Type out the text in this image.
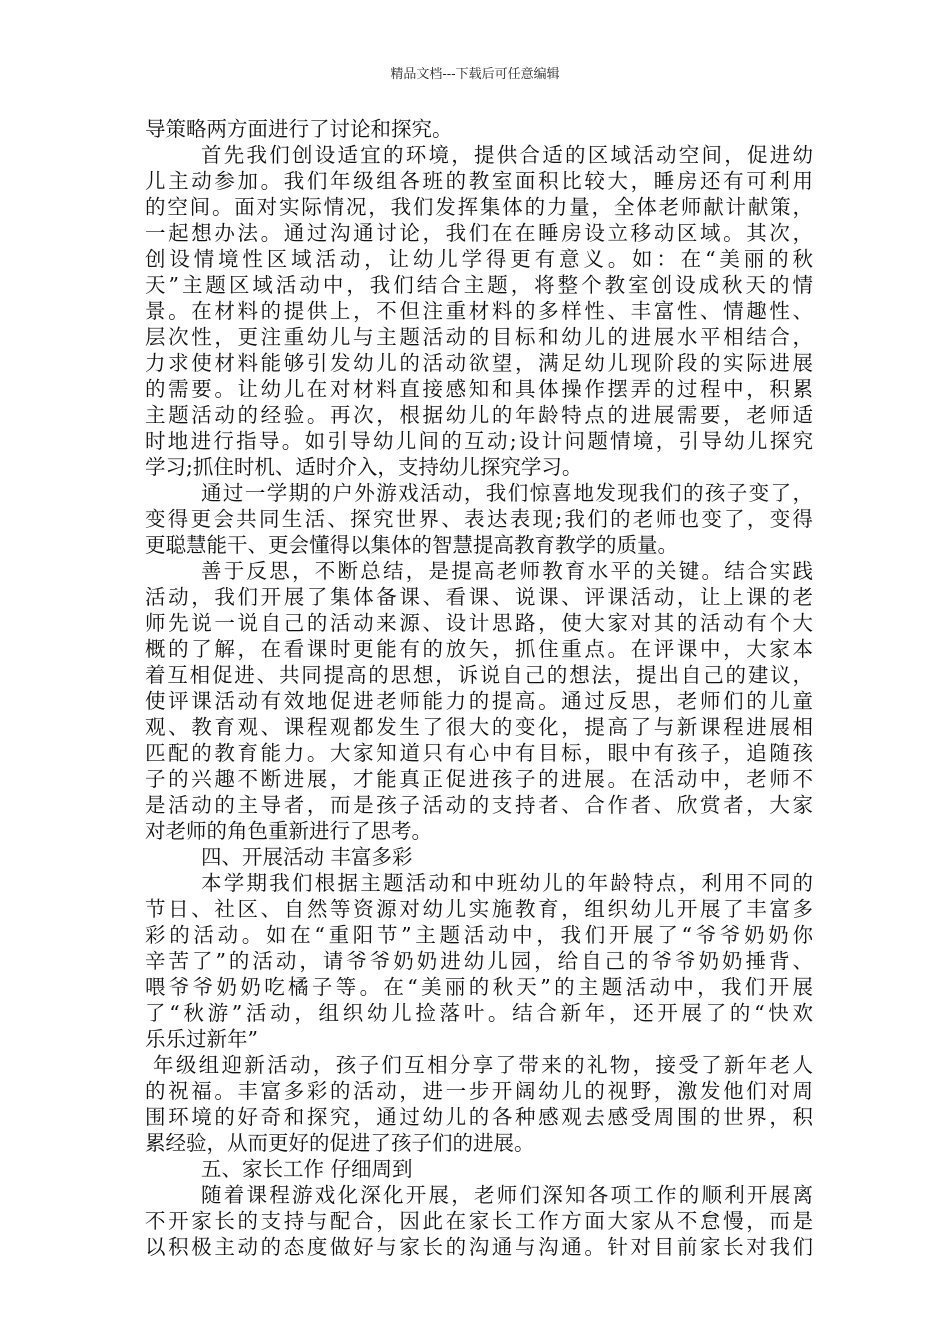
精品文档---下载后可任意编辑
导策略两方面进行了讨论和探究。
首先我们创设适宜的环境，提供合适的区域活动空间，促进幼
儿主动参加。我们年级组各班的教室面积比较大，睡房还有可利用
的空间。面对实际情况，我们发挥集体的力量，全体老师献计献策，
一起想办法。通过沟通讨论，我们在在睡房设立移动区域。其次，
创设情境性区域活动，让幼儿学得更有意义。如：在“美丽的秋
天”主题区域活动中，我们结合主题，将整个教室创设成秋天的情
景。在材料的提供上，不但注重材料的多样性、丰富性、情趣性、
层次性，更注重幼儿与主题活动的目标和幼儿的进展水平相结合，
力求使材料能够引发幼儿的活动欲望，满足幼儿现阶段的实际进展
的需要。让幼儿在对材料直接感知和具体操作摆弄的过程中，积累
主题活动的经验。再次，根据幼儿的年龄特点的进展需要，老师适
时地进行指导。如引导幼儿间的互动;设计问题情境，引导幼儿探究
学习;抓住时机、适时介入，支持幼儿探究学习。
通过一学期的户外游戏活动，我们惊喜地发现我们的孩子变了，
变得更会共同生活、探究世界、表达表现;我们的老师也变了，变得
更聪慧能干、更会懂得以集体的智慧提高教育教学的质量。
善于反思，不断总结，是提高老师教育水平的关键。结合实践
活动，我们开展了集体备课、看课、说课、评课活动，让上课的老
师先说一说自己的活动来源、设计思路，使大家对其的活动有个大
概的了解，在看课时更能有的放矢，抓住重点。在评课中，大家本
着互相促进、共同提高的思想，诉说自己的想法，提出自己的建议，
使评课活动有效地促进老师能力的提高。通过反思，老师们的儿童
观、教育观、课程观都发生了很大的变化，提高了与新课程进展相
匹配的教育能力。大家知道只有心中有目标，眼中有孩子，追随孩
子的兴趣不断进展，才能真正促进孩子的进展。在活动中，老师不
是活动的主导者，而是孩子活动的支持者、合作者、欣赏者，大家
对老师的角色重新进行了思考。
四、开展活动 丰富多彩
本学期我们根据主题活动和中班幼儿的年龄特点，利用不同的
节日、社区、自然等资源对幼儿实施教育，组织幼儿开展了丰富多
彩的活动。如在“重阳节”主题活动中，我们开展了“爷爷奶奶你
辛苦了”的活动，请爷爷奶奶进幼儿园，给自己的爷爷奶奶捶背、
喂爷爷奶奶吃橘子等。在“美丽的秋天”的主题活动中，我们开展
了“秋游”活动，组织幼儿捡落叶。结合新年，还开展了的“快欢
乐乐过新年”
年级组迎新活动，孩子们互相分享了带来的礼物，接受了新年老人
的祝福。丰富多彩的活动，进一步开阔幼儿的视野，激发他们对周
围环境的好奇和探究，通过幼儿的各种感观去感受周围的世界，积
累经验，从而更好的促进了孩子们的进展。
五、家长工作 仔细周到
随着课程游戏化深化开展，老师们深知各项工作的顺利开展离
不开家长的支持与配合，因此在家长工作方面大家从不怠慢，而是
以积极主动的态度做好与家长的沟通与沟通。针对目前家长对我们
